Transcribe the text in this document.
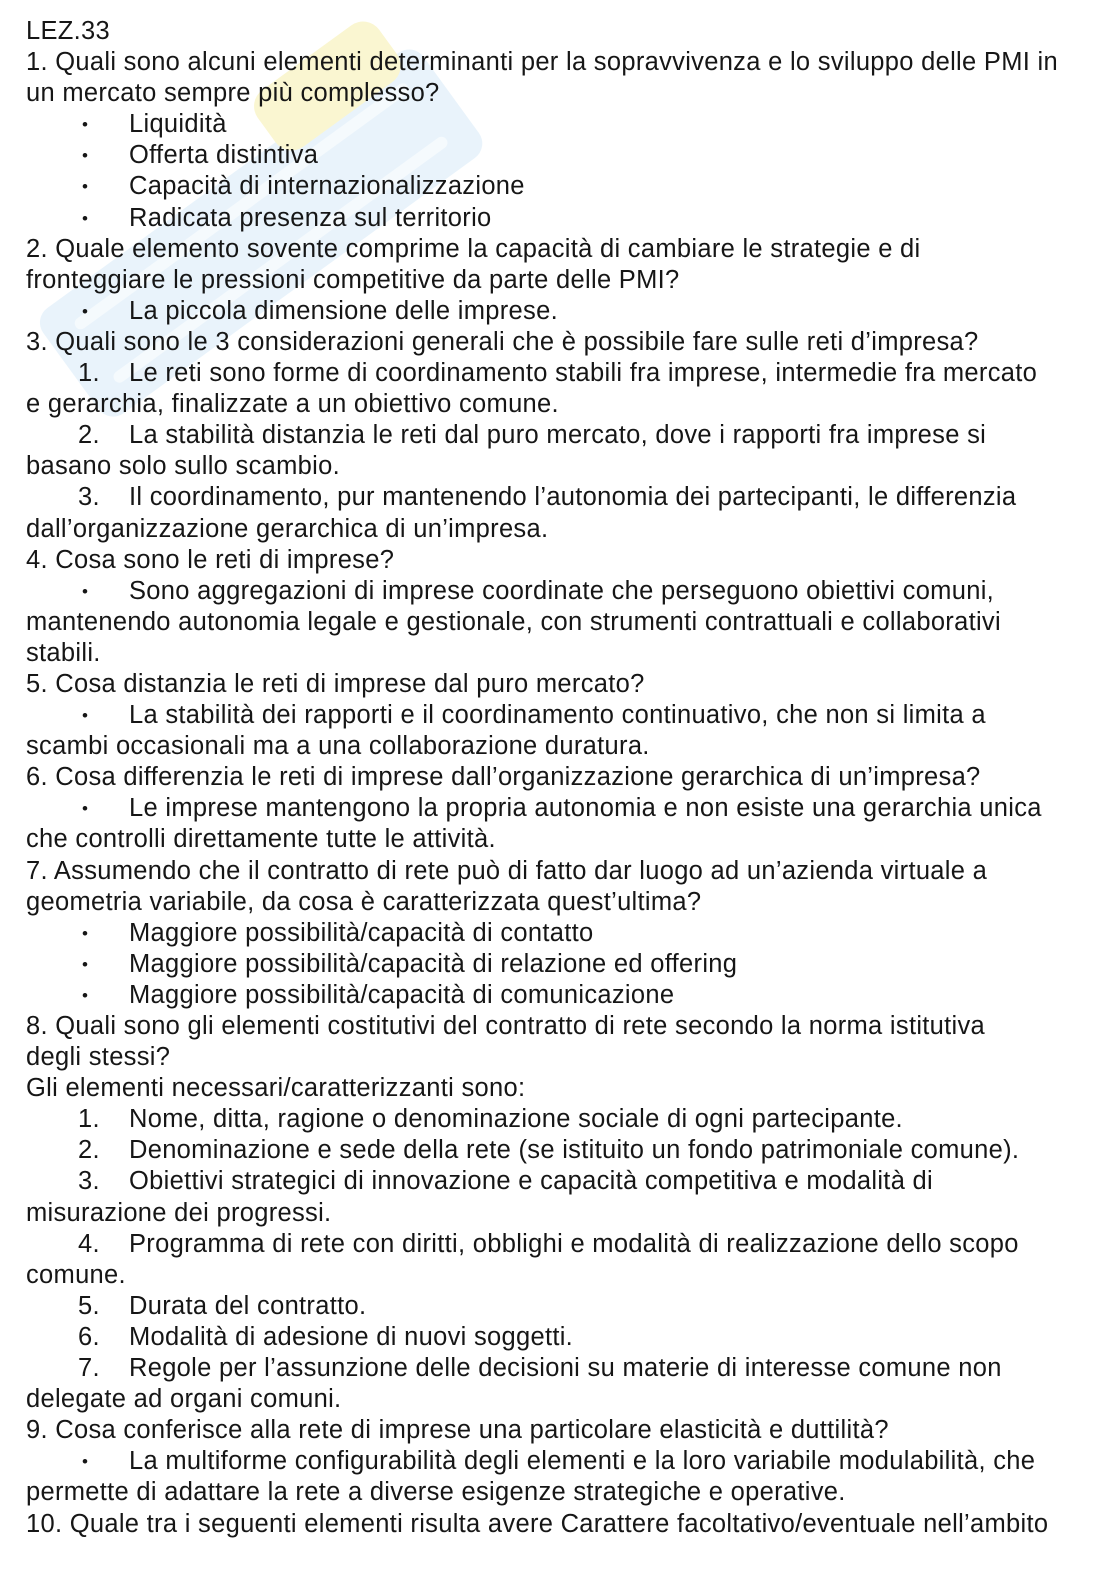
LEZ.33
1. Quali sono alcuni elementi determinanti per la sopravvivenza e lo sviluppo delle PMI in
un mercato sempre più complesso?
• Liquidità
• Offerta distintiva
• Capacità di internazionalizzazione
• Radicata presenza sul territorio
2. Quale elemento sovente comprime la capacità di cambiare le strategie e di
fronteggiare le pressioni competitive da parte delle PMI?
• La piccola dimensione delle imprese.
3. Quali sono le 3 considerazioni generali che è possibile fare sulle reti d’impresa?
1. Le reti sono forme di coordinamento stabili fra imprese, intermedie fra mercato
e gerarchia, finalizzate a un obiettivo comune.
2. La stabilità distanzia le reti dal puro mercato, dove i rapporti fra imprese si
basano solo sullo scambio.
3. Il coordinamento, pur mantenendo l’autonomia dei partecipanti, le differenzia
dall’organizzazione gerarchica di un’impresa.
4. Cosa sono le reti di imprese?
• Sono aggregazioni di imprese coordinate che perseguono obiettivi comuni,
mantenendo autonomia legale e gestionale, con strumenti contrattuali e collaborativi
stabili.
5. Cosa distanzia le reti di imprese dal puro mercato?
• La stabilità dei rapporti e il coordinamento continuativo, che non si limita a
scambi occasionali ma a una collaborazione duratura.
6. Cosa differenzia le reti di imprese dall’organizzazione gerarchica di un’impresa?
• Le imprese mantengono la propria autonomia e non esiste una gerarchia unica
che controlli direttamente tutte le attività.
7. Assumendo che il contratto di rete può di fatto dar luogo ad un’azienda virtuale a
geometria variabile, da cosa è caratterizzata quest’ultima?
• Maggiore possibilità/capacità di contatto
• Maggiore possibilità/capacità di relazione ed offering
• Maggiore possibilità/capacità di comunicazione
8. Quali sono gli elementi costitutivi del contratto di rete secondo la norma istitutiva
degli stessi?
Gli elementi necessari/caratterizzanti sono:
1. Nome, ditta, ragione o denominazione sociale di ogni partecipante.
2. Denominazione e sede della rete (se istituito un fondo patrimoniale comune).
3. Obiettivi strategici di innovazione e capacità competitiva e modalità di
misurazione dei progressi.
4. Programma di rete con diritti, obblighi e modalità di realizzazione dello scopo
comune.
5. Durata del contratto.
6. Modalità di adesione di nuovi soggetti.
7. Regole per l’assunzione delle decisioni su materie di interesse comune non
delegate ad organi comuni.
9. Cosa conferisce alla rete di imprese una particolare elasticità e duttilità?
• La multiforme configurabilità degli elementi e la loro variabile modulabilità, che
permette di adattare la rete a diverse esigenze strategiche e operative.
10. Quale tra i seguenti elementi risulta avere Carattere facoltativo/eventuale nell’ambito
